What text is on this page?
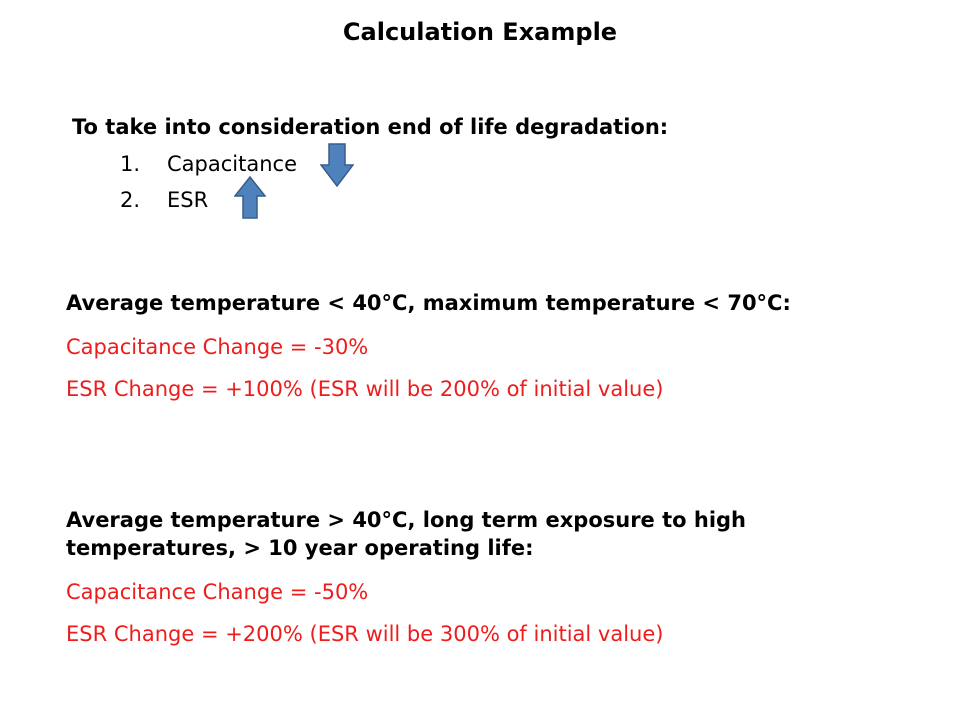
Calculation Example
To take into consideration end of life degradation:
1. Capacitance
2. ESR
Average temperature < 40°C, maximum temperature < 70°C:
Capacitance Change = -30%
ESR Change = +100% (ESR will be 200% of initial value)
Average temperature > 40°C, long term exposure to high
temperatures, > 10 year operating life:
Capacitance Change = -50%
ESR Change = +200% (ESR will be 300% of initial value)
